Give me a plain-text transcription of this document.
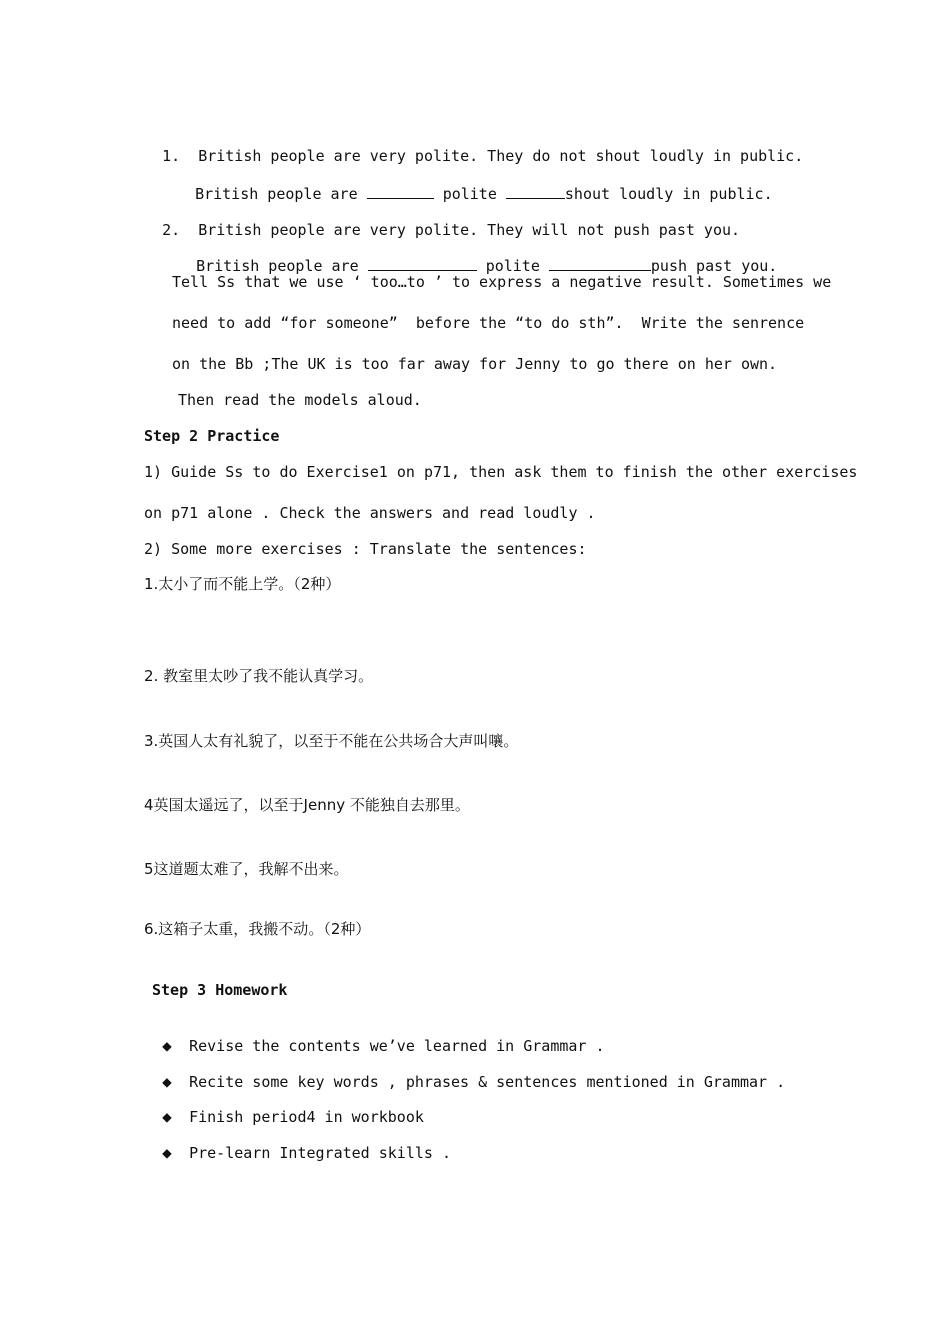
1. British people are very polite. They do not shout loudly in public.

British people are	polite	shout loudly in public.

2. British people are very polite. They will not push past you.

British people are	polite	push past you.

Tell Ss that we use ‘ too…to ’ to express a negative result. Sometimes we
need to add “for someone”  before the “to do sth”.  Write the senrence
on the Bb ;The UK is too far away for Jenny to go there on her own.
Then read the models aloud.
Step 2 Practice
1) Guide Ss to do Exercise1 on p71, then ask them to finish the other exercises
on p71 alone . Check the answers and read loudly .
2) Some more exercises : Translate the sentences:
1.太小了而不能上学。（2种）
2. 教室里太吵了我不能认真学习。
3.英国人太有礼貌了，以至于不能在公共场合大声叫嚷。
4英国太遥远了，以至于Jenny 不能独自去那里。
5这道题太难了，我解不出来。
6.这箱子太重，我搬不动。（2种）
Step 3 Homework

◆ Revise the contents we’ve learned in Grammar .

◆ Recite some key words , phrases & sentences mentioned in Grammar .

◆ Finish period4 in workbook

◆ Pre-learn Integrated skills .
